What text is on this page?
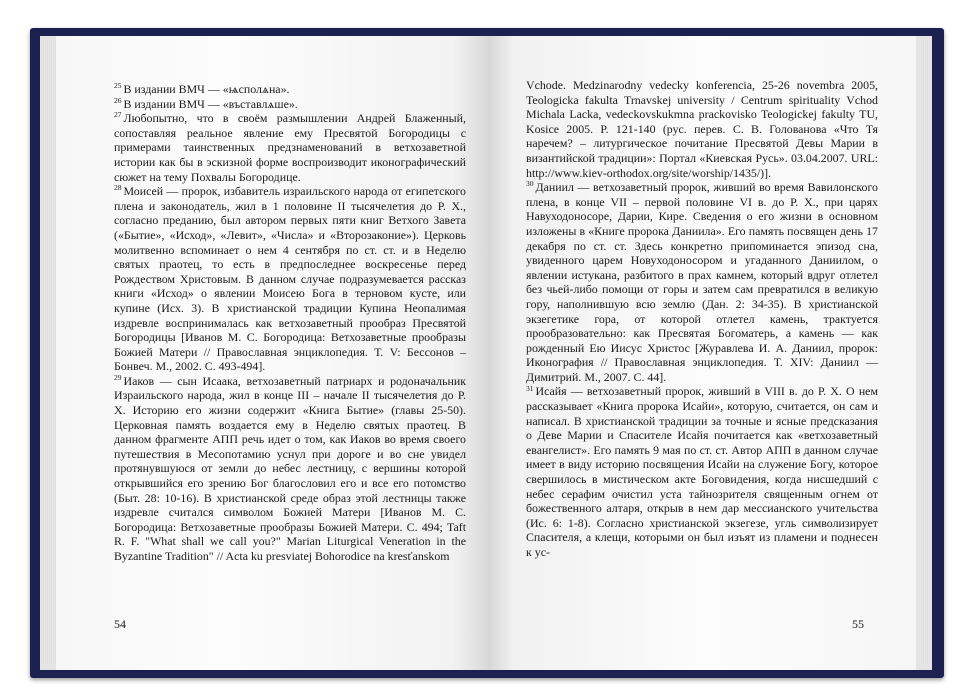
$^{25}$ В издании ВМЧ — «ѩсполѧна».

$^{26}$ В издании ВМЧ — «въставлѧше».

$^{27}$ Любопытно, что в своём размышлении Андрей Блаженный, сопоставляя реальное явление ему Пресвятой Богородицы с примерами таинственных предзнаменований в ветхозаветной истории как бы в эскизной форме воспроизводит иконографический сюжет на тему Похвалы Богородице.

$^{28}$ Моисей — пророк, избавитель израильского народа от египетского плена и законодатель, жил в 1 половине II тысячелетия до Р. Х., согласно преданию, был автором первых пяти книг Ветхого Завета («Бытие», «Исход», «Левит», «Числа» и «Второзаконие»). Церковь молитвенно вспоминает о нем 4 сентября по ст. ст. и в Неделю святых праотец, то есть в предпоследнее воскресенье перед Рождеством Христовым. В данном случае подразумевается рассказ книги «Исход» о явлении Моисею Бога в терновом кусте, или купине (Исх. 3). В христианской традиции Купина Неопалимая издревле воспринималась как ветхозаветный прообраз Пресвятой Богородицы [Иванов М. С. Богородица: Ветхозаветные прообразы Божией Матери // Православная энциклопедия. Т. V: Бессонов – Бонвеч. М., 2002. С. 493-494].

$^{29}$ Иаков — сын Исаака, ветхозаветный патриарх и родоначальник Израильского народа, жил в конце III – начале II тысячелетия до Р. Х. Историю его жизни содержит «Книга Бытие» (главы 25-50). Церковная память воздается ему в Неделю святых праотец. В данном фрагменте АПП речь идет о том, как Иаков во время своего путешествия в Месопотамию уснул при дороге и во сне увидел протянувшуюся от земли до небес лестницу, с вершины которой открывшийся его зрению Бог благословил его и все его потомство (Быт. 28: 10-16). В христианской среде образ этой лестницы также издревле считался символом Божией Матери [Иванов М. С. Богородица: Ветхозаветные прообразы Божией Матери. С. 494; Taft R. F. "What shall we call you?" Marian Liturgical Veneration in the Byzantine Tradition" // Acta ku presviatej Bohorodice na kresťanskom

54

Vchode. Medzinarodny vedecky konferencia, 25-26 novembra 2005, Teologicka fakulta Trnavskej university / Centrum spirituality Vchod Michala Lacka, vedeckovskukmna prackovisko Teologickej fakulty TU, Kosice 2005. P. 121-140 (рус. перев. С. В. Голованова «Что Тя наречем? – литургическое почитание Пресвятой Девы Марии в византийской традиции»: Портал «Киевская Русь». 03.04.2007. URL: http://www.kiev-orthodox.org/site/worship/1435/)].

$^{30}$ Даниил — ветхозаветный пророк, живший во время Вавилонского плена, в конце VII – первой половине VI в. до Р. Х., при царях Навуходоносоре, Дарии, Кире. Сведения о его жизни в основном изложены в «Книге пророка Даниила». Его память посвящен день 17 декабря по ст. ст. Здесь конкретно припоминается эпизод сна, увиденного царем Новуходоносором и угаданного Даниилом, о явлении истукана, разбитого в прах камнем, который вдруг отлетел без чьей-либо помощи от горы и затем сам превратился в великую гору, наполнившую всю землю (Дан. 2: 34-35). В христианской экзегетике гора, от которой отлетел камень, трактуется прообразовательно: как Пресвятая Богоматерь, а камень — как рожденный Ею Иисус Христос [Журавлева И. А. Даниил, пророк: Иконография // Православная энциклопедия. Т. XIV: Даниил — Димитрий. М., 2007. С. 44].

$^{31}$ Исайя — ветхозаветный пророк, живший в VIII в. до Р. Х. О нем рассказывает «Книга пророка Исайи», которую, считается, он сам и написал. В христианской традиции за точные и ясные предсказания о Деве Марии и Спасителе Исайя почитается как «ветхозаветный евангелист». Его память 9 мая по ст. ст. Автор АПП в данном случае имеет в виду историю посвящения Исайи на служение Богу, которое свершилось в мистическом акте Боговидения, когда нисшедший с небес серафим очистил уста тайнозрителя священным огнем от божественного алтаря, открыв в нем дар мессианского учительства (Ис. 6: 1-8). Согласно христианской экзегезе, угль символизирует Спасителя, а клещи, которыми он был изъят из пламени и поднесен к ус-

55
